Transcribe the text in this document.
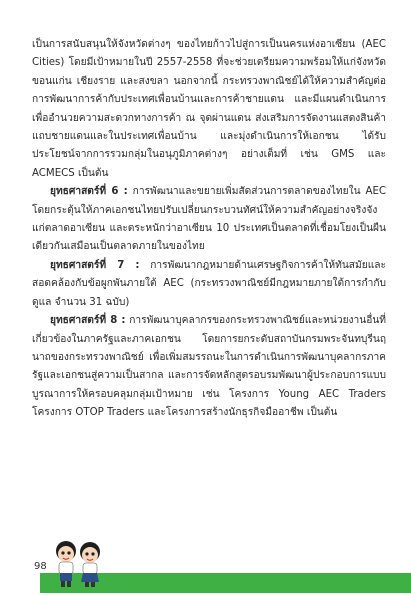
เป็นการสนับสนุนให้จังหวัดต่างๆ ของไทยก้าวไปสู่การเป็นนครแห่งอาเซียน (AEC Cities) โดยมีเป้าหมายในปี 2557-2558 ที่จะช่วยเตรียมความพร้อมให้แก่จังหวัดขอนแก่น เชียงราย และสงขลา นอกจากนี้ กระทรวงพาณิชย์ได้ให้ความสำคัญต่อการพัฒนาการค้ากับประเทศเพื่อนบ้านและการค้าชายแดน และมีแผนดำเนินการเพื่ออำนวยความสะดวกทางการค้า ณ จุดผ่านแดน ส่งเสริมการจัดงานแสดงสินค้าแถบชายแดนและในประเทศเพื่อนบ้าน และมุ่งดำเนินการให้เอกชน ได้รับประโยชน์จากการรวมกลุ่มในอนุภูมิภาคต่างๆ อย่างเต็มที่ เช่น GMS และ ACMECS เป็นต้น

ยุทธศาสตร์ที่ 6 : การพัฒนาและขยายเพิ่มสัดส่วนการตลาดของไทยใน AEC โดยกระตุ้นให้ภาคเอกชนไทยปรับเปลี่ยนกระบวนทัศน์ให้ความสำคัญอย่างจริงจังแก่ตลาดอาเซียน และตระหนักว่าอาเซียน 10 ประเทศเป็นตลาดที่เชื่อมโยงเป็นผืนเดียวกันเสมือนเป็นตลาดภายในของไทย

ยุทธศาสตร์ที่ 7 : การพัฒนากฎหมายด้านเศรษฐกิจการค้าให้ทันสมัยและสอดคล้องกับข้อผูกพันภายใต้ AEC (กระทรวงพาณิชย์มีกฎหมายภายใต้การกำกับดูแล จำนวน 31 ฉบับ)

ยุทธศาสตร์ที่ 8 : การพัฒนาบุคลากรของกระทรวงพาณิชย์และหน่วยงานอื่นที่เกี่ยวข้องในภาครัฐและภาคเอกชน โดยการยกระดับสถาบันกรมพระจันทบุรีนฤนาถของกระทรวงพาณิชย์ เพื่อเพิ่มสมรรถนะในการดำเนินการพัฒนาบุคลากรภาครัฐและเอกชนสู่ความเป็นสากล และการจัดหลักสูตรอบรมพัฒนาผู้ประกอบการแบบบูรณาการให้ครอบคลุมกลุ่มเป้าหมาย เช่น โครงการ Young AEC Traders โครงการ OTOP Traders และโครงการสร้างนักธุรกิจมืออาชีพ เป็นต้น

98
